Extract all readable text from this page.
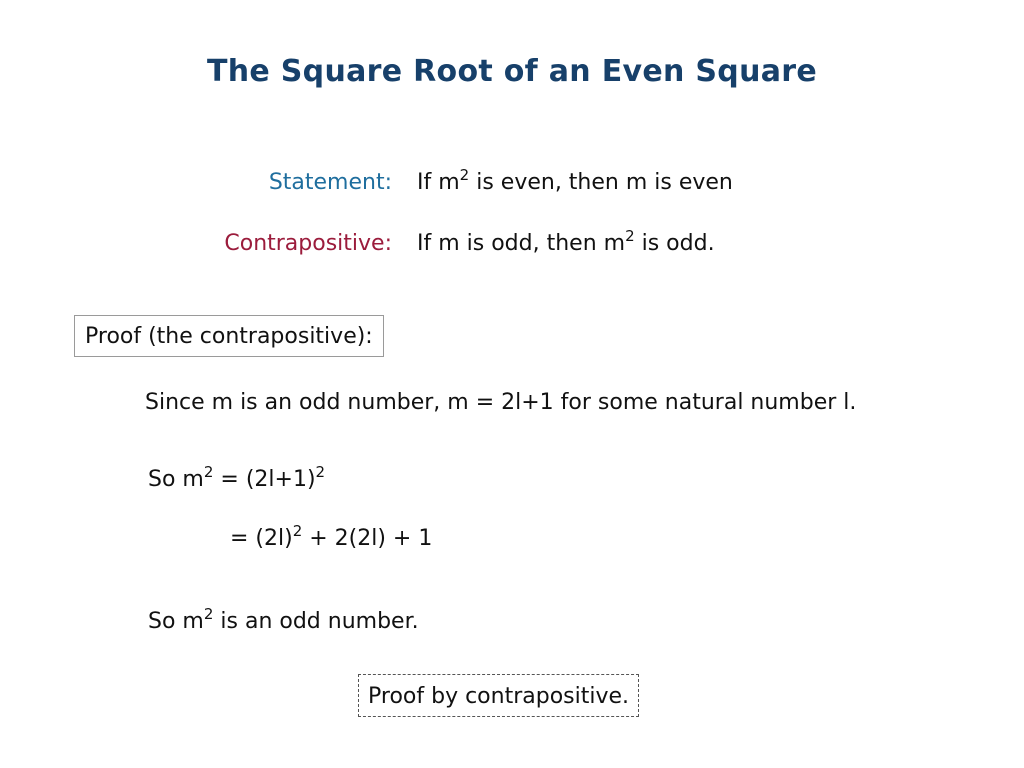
The Square Root of an Even Square
Statement: If $m^2$ is even, then m is even
Contrapositive: If m is odd, then $m^2$ is odd.
Proof (the contrapositive):
Since m is an odd number, m = 2l+1 for some natural number l.
So $m^2 = (2l+1)^2$
= $(2l)^2 + 2(2l) + 1$
So $m^2$ is an odd number.
Proof by contrapositive.
